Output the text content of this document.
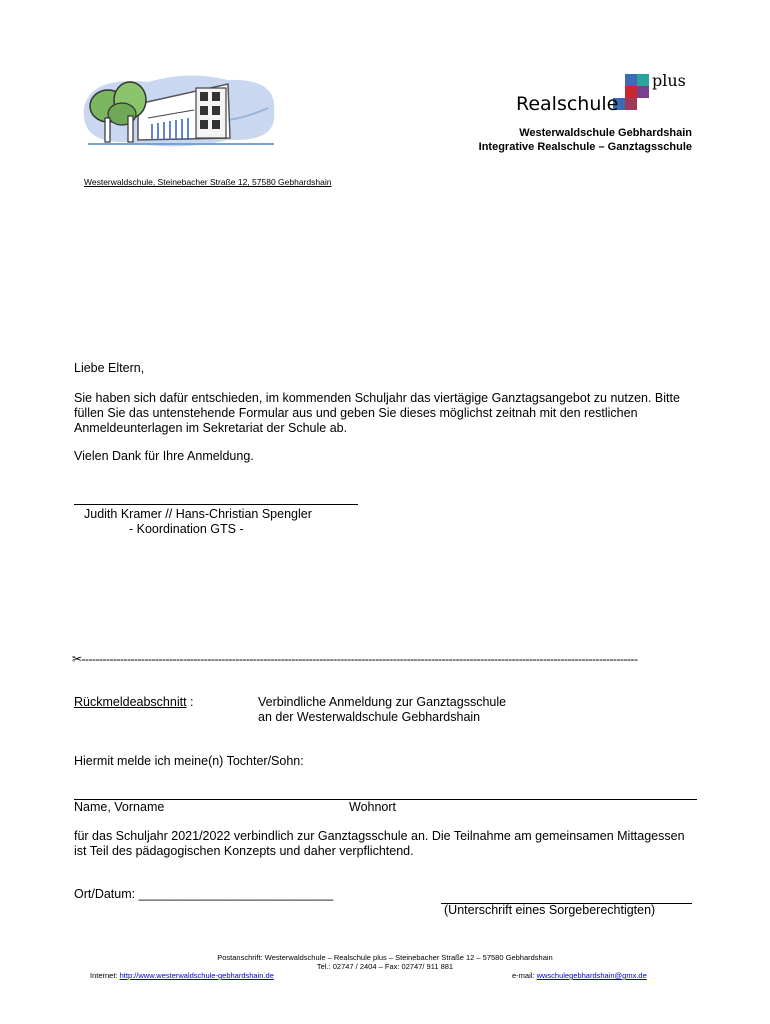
Realschule
plus
Westerwaldschule Gebhardshain
Integrative Realschule – Ganztagsschule
Westerwaldschule, Steinebacher Straße 12, 57580 Gebhardshain
Liebe Eltern,
Sie haben sich dafür entschieden, im kommenden Schuljahr das viertägige Ganztagsangebot zu nutzen. Bitte füllen Sie das untenstehende Formular aus und geben Sie dieses möglichst zeitnah mit den restlichen Anmeldeunterlagen im Sekretariat der Schule ab.
Vielen Dank für Ihre Anmeldung.
Judith Kramer // Hans-Christian Spengler
- Koordination GTS -
✂---------------------------------------------------------------------------------------------------------------------------------------------------------------
Rückmeldeabschnitt :	Verbindliche Anmeldung zur Ganztagsschule
an der Westerwaldschule Gebhardshain
Hiermit melde ich meine(n) Tochter/Sohn:
Name, Vorname	Wohnort
für das Schuljahr 2021/2022 verbindlich zur Ganztagsschule an. Die Teilnahme am gemeinsamen Mittagessen ist Teil des pädagogischen Konzepts und daher verpflichtend.
Ort/Datum: ____________________________
(Unterschrift eines Sorgeberechtigten)
Postanschrift: Westerwaldschule – Realschule plus – Steinebacher Straße 12 – 57580 Gebhardshain
Tel.: 02747 / 2404 – Fax: 02747/ 911 881
Internet: http://www.westerwaldschule-gebhardshain.de	e-mail: wwschulegebhardshain@gmx.de
